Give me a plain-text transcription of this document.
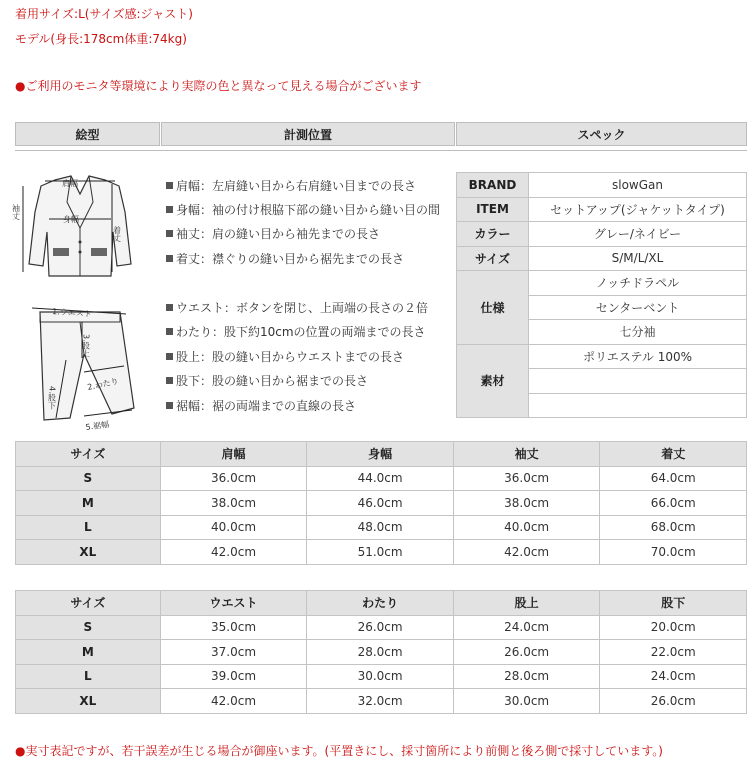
着用サイズ:L(サイズ感:ジャスト)
モデル(身長:178cm体重:74kg)
●ご利用のモニタ等環境により実際の色と異なって見える場合がございます
絵型	計測位置	スペック
肩幅
身幅
袖丈
着丈
1.ウエスト
3.股上
2.わたり
4.股下
5.裾幅
肩幅：左肩縫い目から右肩縫い目までの長さ
身幅：袖の付け根脇下部の縫い目から縫い目の間
袖丈：肩の縫い目から袖先までの長さ
着丈：襟ぐりの縫い目から裾先までの長さ
ウエスト：ボタンを閉じ、上両端の長さの２倍
わたり：股下約10cmの位置の両端までの長さ
股上：股の縫い目からウエストまでの長さ
股下：股の縫い目から裾までの長さ
裾幅：裾の両端までの直線の長さ
BRAND	slowGan
ITEM	セットアップ(ジャケットタイプ)
カラー	グレー/ネイビー
サイズ	S/M/L/XL
仕様	ノッチドラペル
	センターベント
	七分袖
素材	ポリエステル 100%

サイズ	肩幅	身幅	袖丈	着丈
S	36.0cm	44.0cm	36.0cm	64.0cm
M	38.0cm	46.0cm	38.0cm	66.0cm
L	40.0cm	48.0cm	40.0cm	68.0cm
XL	42.0cm	51.0cm	42.0cm	70.0cm
サイズ	ウエスト	わたり	股上	股下
S	35.0cm	26.0cm	24.0cm	20.0cm
M	37.0cm	28.0cm	26.0cm	22.0cm
L	39.0cm	30.0cm	28.0cm	24.0cm
XL	42.0cm	32.0cm	30.0cm	26.0cm
●実寸表記ですが、若干誤差が生じる場合が御座います。(平置きにし、採寸箇所により前側と後ろ側で採寸しています。)
